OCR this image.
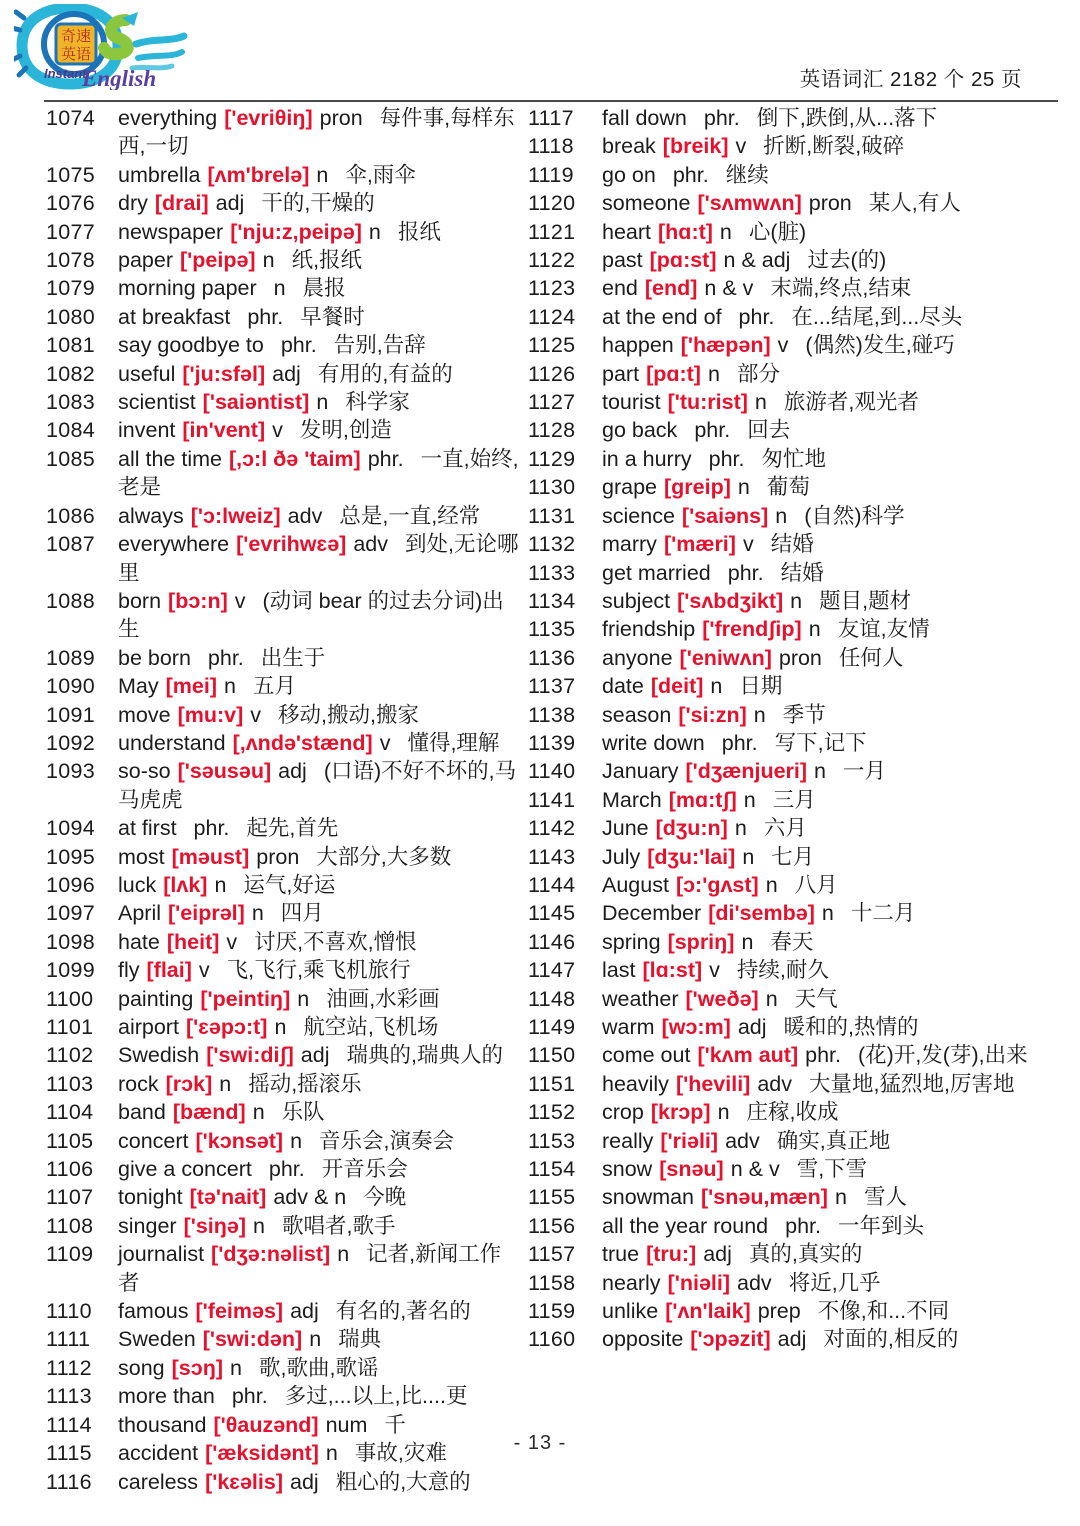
奇速
英语
Instant
English	英语词汇 2182 个 25 页
1074	everything ['evriθiŋ] pron 每件事,每样东西,一切
1075	umbrella [ʌm'brelə] n 伞,雨伞
1076	dry [drai] adj 干的,干燥的
1077	newspaper ['nju:z,peipə] n 报纸
1078	paper ['peipə] n 纸,报纸
1079	morning paper n 晨报
1080	at breakfast phr. 早餐时
1081	say goodbye to phr. 告别,告辞
1082	useful ['ju:sfəl] adj 有用的,有益的
1083	scientist ['saiəntist] n 科学家
1084	invent [in'vent] v 发明,创造
1085	all the time [,ɔ:l ðə 'taim] phr. 一直,始终,老是
1086	always ['ɔ:lweiz] adv 总是,一直,经常
1087	everywhere ['evrihwɛə] adv 到处,无论哪里
1088	born [bɔ:n] v (动词 bear 的过去分词)出生
1089	be born phr. 出生于
1090	May [mei] n 五月
1091	move [mu:v] v 移动,搬动,搬家
1092	understand [,ʌndə'stænd] v 懂得,理解
1093	so-so ['səusəu] adj (口语)不好不坏的,马马虎虎
1094	at first phr. 起先,首先
1095	most [məust] pron 大部分,大多数
1096	luck [lʌk] n 运气,好运
1097	April ['eiprəl] n 四月
1098	hate [heit] v 讨厌,不喜欢,憎恨
1099	fly [flai] v 飞,飞行,乘飞机旅行
1100	painting ['peintiŋ] n 油画,水彩画
1101	airport ['ɛəpɔ:t] n 航空站,飞机场
1102	Swedish ['swi:diʃ] adj 瑞典的,瑞典人的
1103	rock [rɔk] n 摇动,摇滚乐
1104	band [bænd] n 乐队
1105	concert ['kɔnsət] n 音乐会,演奏会
1106	give a concert phr. 开音乐会
1107	tonight [tə'nait] adv & n 今晚
1108	singer ['siŋə] n 歌唱者,歌手
1109	journalist ['dʒə:nəlist] n 记者,新闻工作者
1110	famous ['feiməs] adj 有名的,著名的
1111	Sweden ['swi:dən] n 瑞典
1112	song [sɔŋ] n 歌,歌曲,歌谣
1113	more than phr. 多过,...以上,比....更
1114	thousand ['θauzənd] num 千
1115	accident ['æksidənt] n 事故,灾难
1116	careless ['kɛəlis] adj 粗心的,大意的
1117	fall down phr. 倒下,跌倒,从...落下
1118	break [breik] v 折断,断裂,破碎
1119	go on phr. 继续
1120	someone ['sʌmwʌn] pron 某人,有人
1121	heart [hɑ:t] n 心(脏)
1122	past [pɑ:st] n & adj 过去(的)
1123	end [end] n & v 末端,终点,结束
1124	at the end of phr. 在...结尾,到...尽头
1125	happen ['hæpən] v (偶然)发生,碰巧
1126	part [pɑ:t] n 部分
1127	tourist ['tu:rist] n 旅游者,观光者
1128	go back phr. 回去
1129	in a hurry phr. 匆忙地
1130	grape [greip] n 葡萄
1131	science ['saiəns] n (自然)科学
1132	marry ['mæri] v 结婚
1133	get married phr. 结婚
1134	subject ['sʌbdʒikt] n 题目,题材
1135	friendship ['frendʃip] n 友谊,友情
1136	anyone ['eniwʌn] pron 任何人
1137	date [deit] n 日期
1138	season ['si:zn] n 季节
1139	write down phr. 写下,记下
1140	January ['dʒænjueri] n 一月
1141	March [mɑ:tʃ] n 三月
1142	June [dʒu:n] n 六月
1143	July [dʒu:'lai] n 七月
1144	August [ɔ:'gʌst] n 八月
1145	December [di'sembə] n 十二月
1146	spring [spriŋ] n 春天
1147	last [lɑ:st] v 持续,耐久
1148	weather ['weðə] n 天气
1149	warm [wɔ:m] adj 暖和的,热情的
1150	come out ['kʌm aut] phr. (花)开,发(芽),出来
1151	heavily ['hevili] adv 大量地,猛烈地,厉害地
1152	crop [krɔp] n 庄稼,收成
1153	really ['riəli] adv 确实,真正地
1154	snow [snəu] n & v 雪,下雪
1155	snowman ['snəu,mæn] n 雪人
1156	all the year round phr. 一年到头
1157	true [tru:] adj 真的,真实的
1158	nearly ['niəli] adv 将近,几乎
1159	unlike ['ʌn'laik] prep 不像,和...不同
1160	opposite ['ɔpəzit] adj 对面的,相反的
- 13 -
